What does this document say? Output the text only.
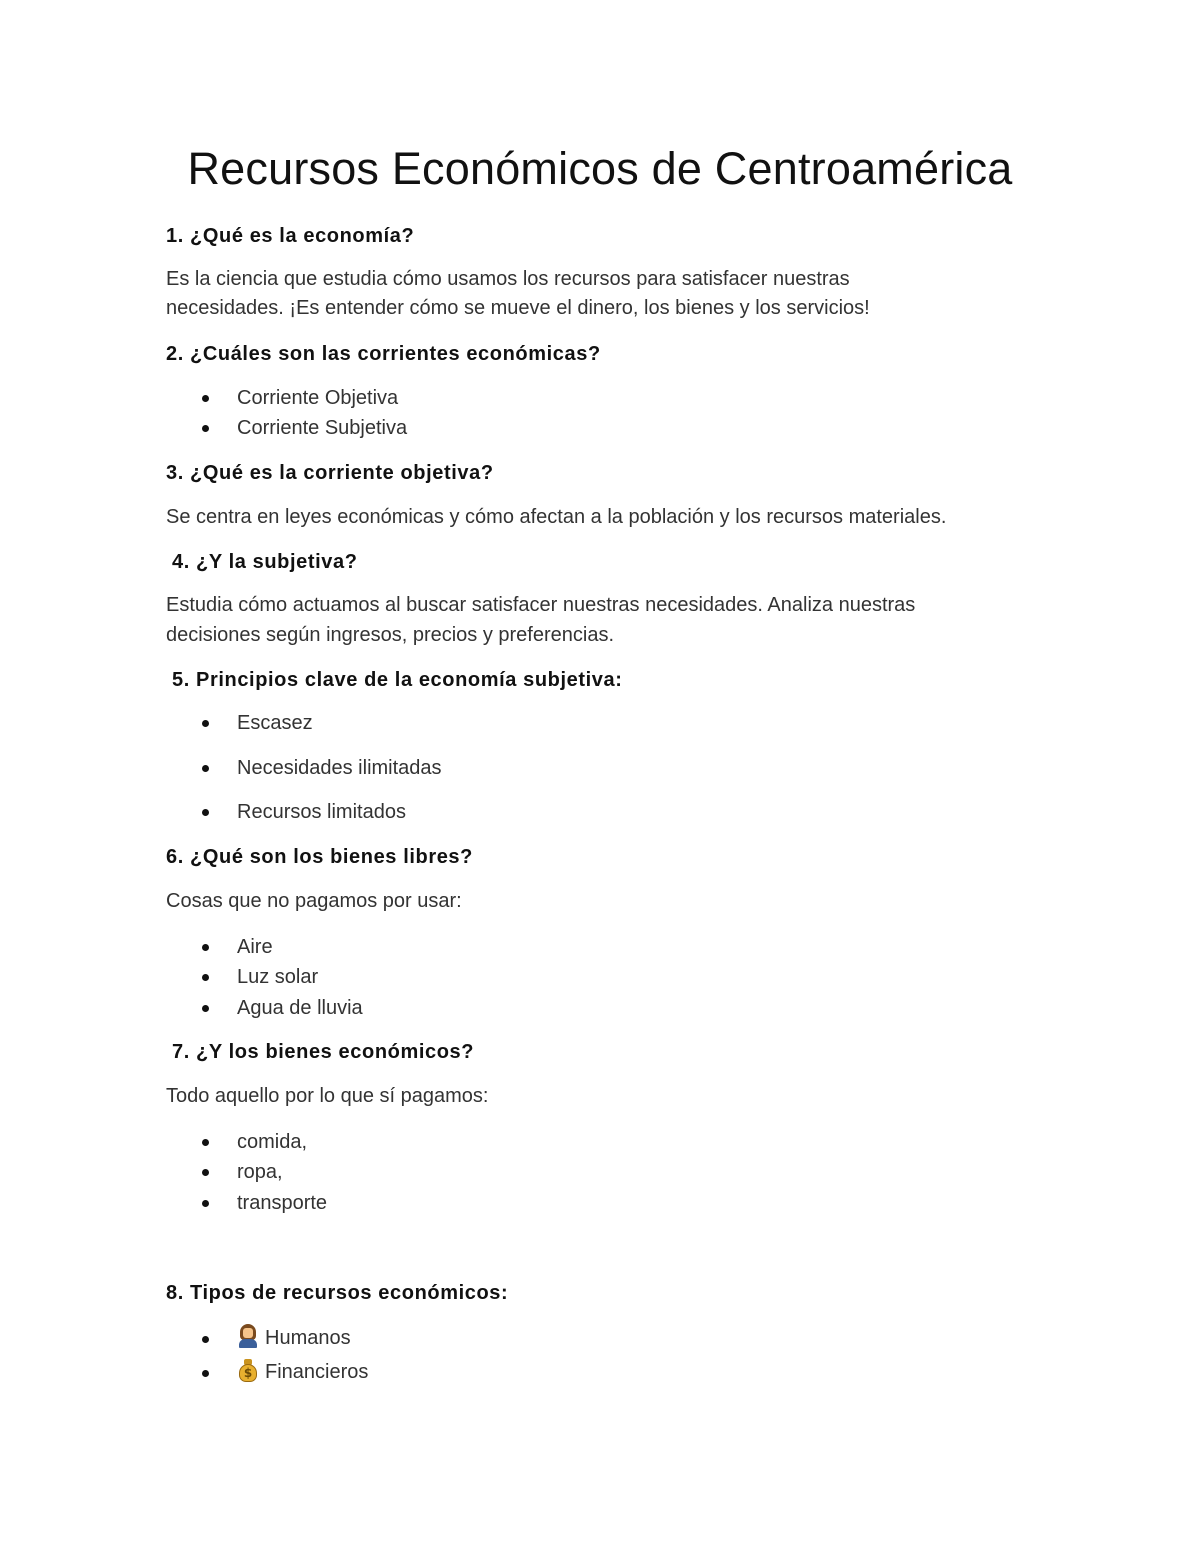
Recursos Económicos de Centroamérica
1. ¿Qué es la economía?
Es la ciencia que estudia cómo usamos los recursos para satisfacer nuestras
necesidades. ¡Es entender cómo se mueve el dinero, los bienes y los servicios!
2. ¿Cuáles son las corrientes económicas?
Corriente Objetiva
Corriente Subjetiva
3. ¿Qué es la corriente objetiva?
Se centra en leyes económicas y cómo afectan a la población y los recursos materiales.
4. ¿Y la subjetiva?
Estudia cómo actuamos al buscar satisfacer nuestras necesidades. Analiza nuestras
decisiones según ingresos, precios y preferencias.
5. Principios clave de la economía subjetiva:
Escasez
Necesidades ilimitadas
Recursos limitados
6. ¿Qué son los bienes libres?
Cosas que no pagamos por usar:
Aire
Luz solar
Agua de lluvia
7. ¿Y los bienes económicos?
Todo aquello por lo que sí pagamos:
comida,
ropa,
transporte
8. Tipos de recursos económicos:
Humanos
$ Financieros
